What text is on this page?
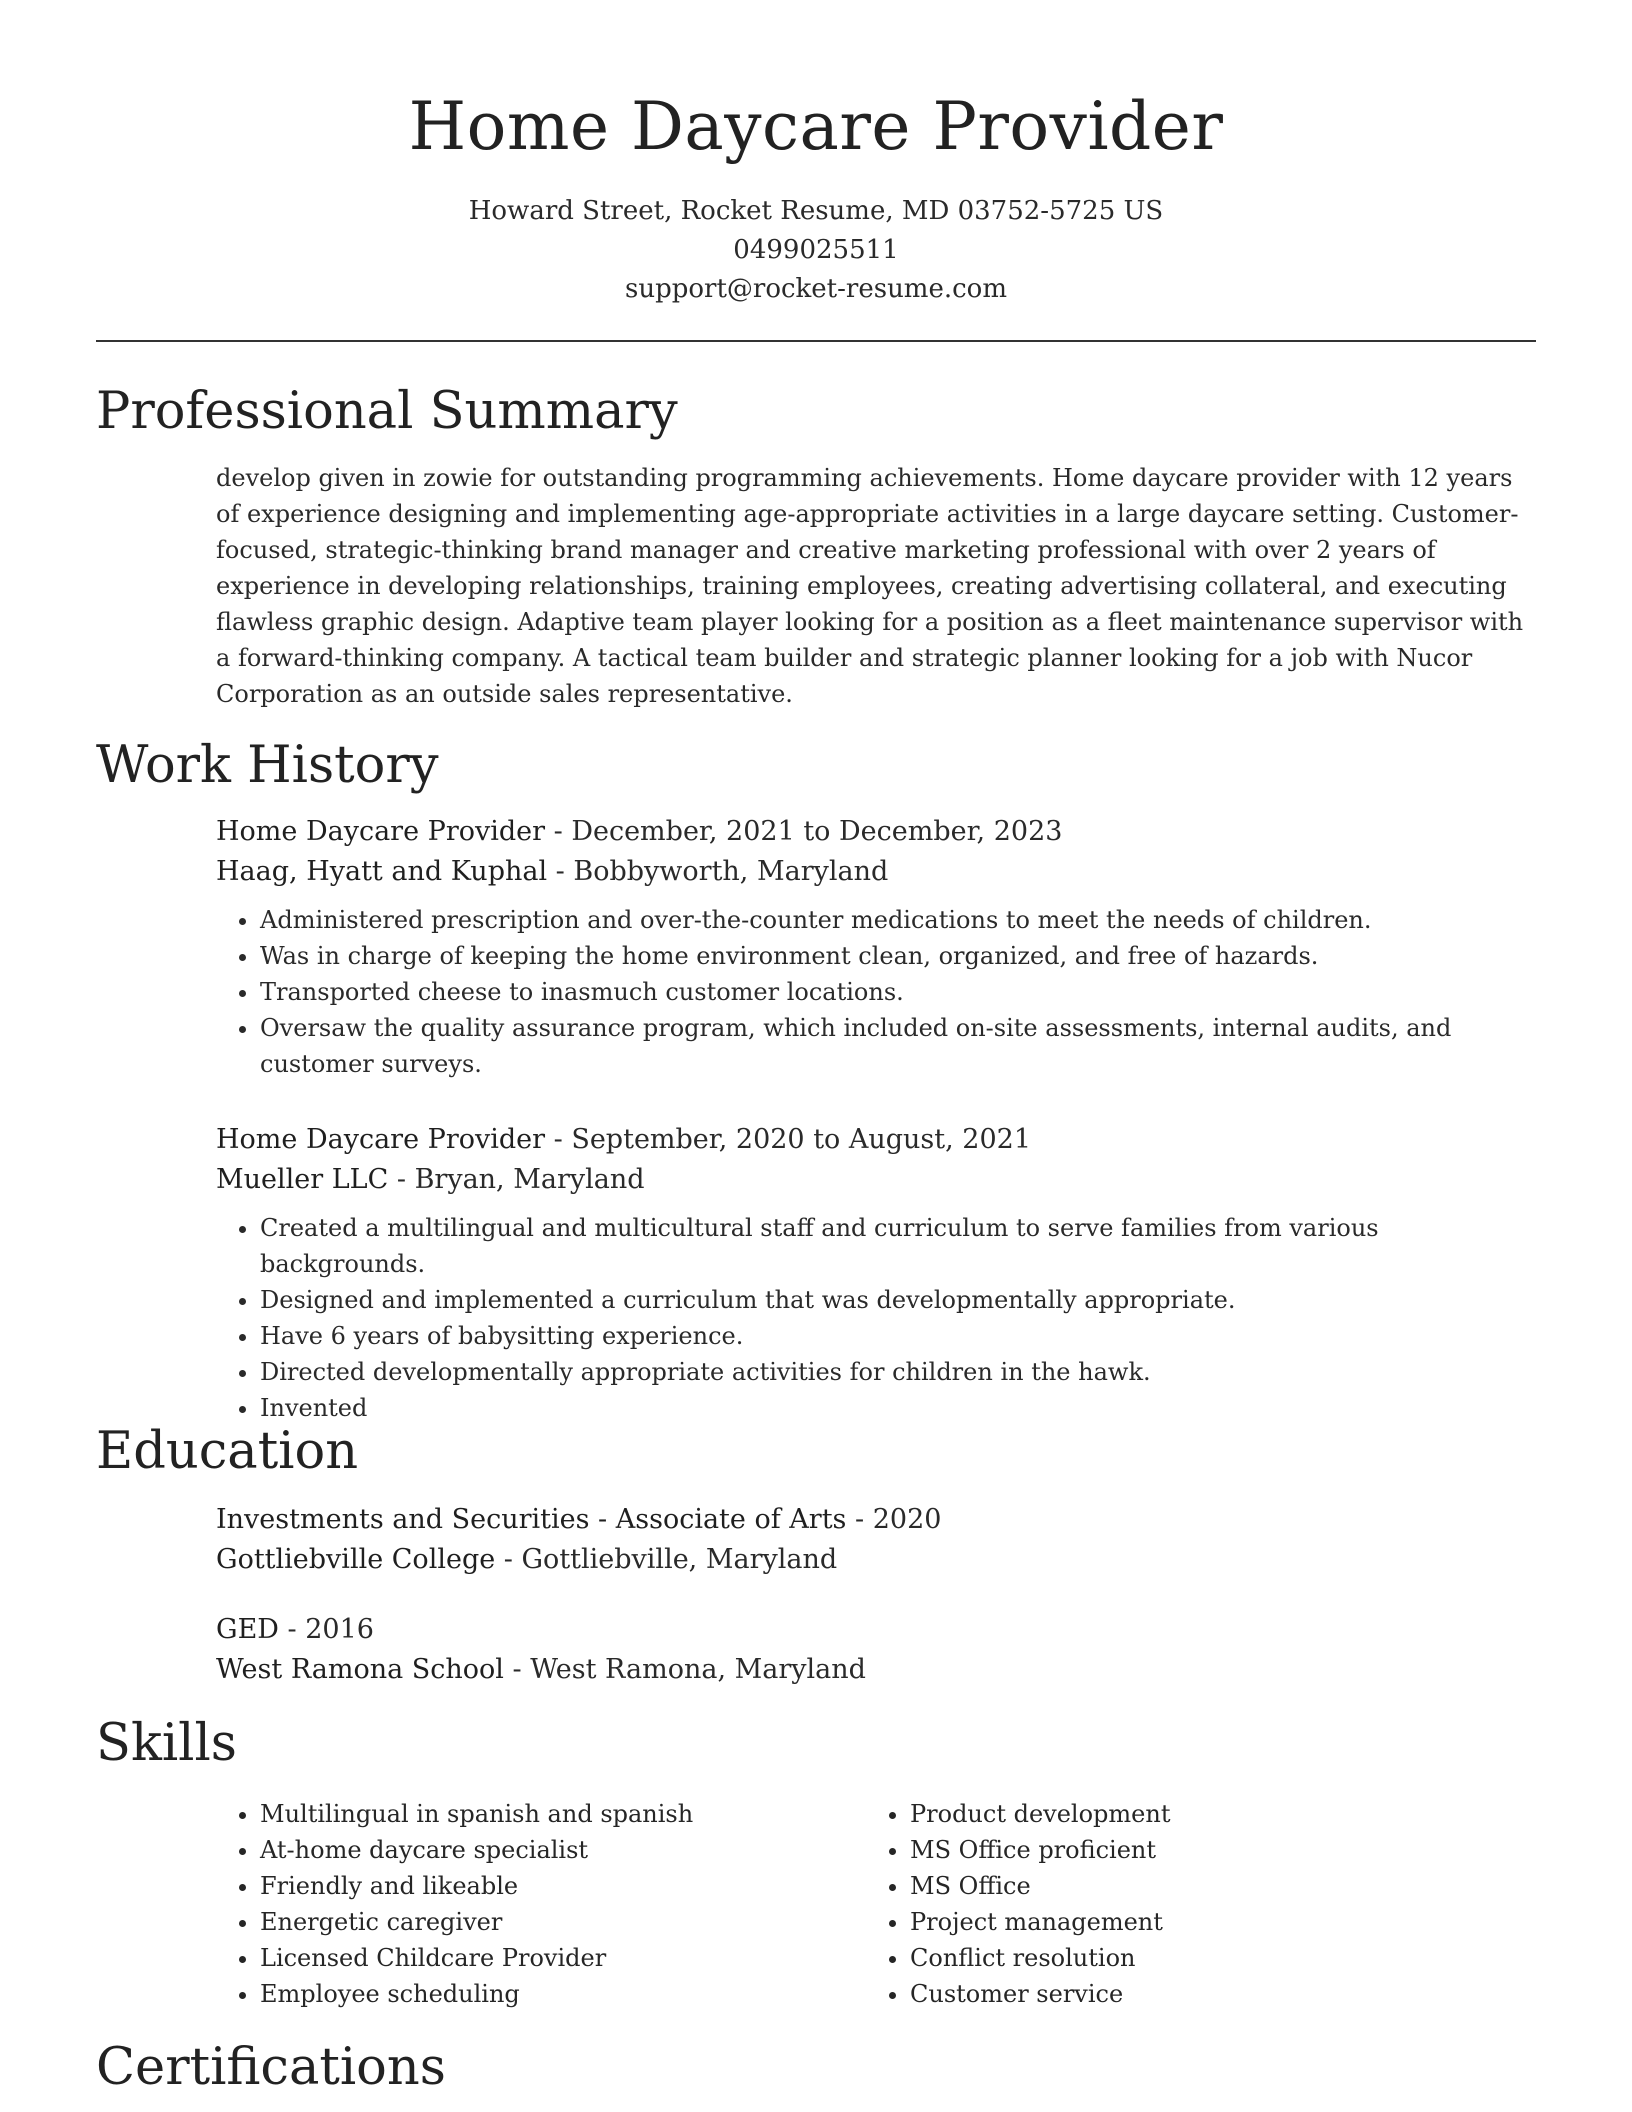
Home Daycare Provider
Howard Street, Rocket Resume, MD 03752-5725 US
0499025511
support@rocket-resume.com
Professional Summary

develop given in zowie for outstanding programming achievements. Home daycare provider with 12 years of experience designing and implementing age-appropriate activities in a large daycare setting. Customer-focused, strategic-thinking brand manager and creative marketing professional with over 2 years of experience in developing relationships, training employees, creating advertising collateral, and executing flawless graphic design. Adaptive team player looking for a position as a fleet maintenance supervisor with a forward-thinking company. A tactical team builder and strategic planner looking for a job with Nucor Corporation as an outside sales representative.

Work History
Home Daycare Provider - December, 2021 to December, 2023
Haag, Hyatt and Kuphal - Bobbyworth, Maryland
• Administered prescription and over-the-counter medications to meet the needs of children.
• Was in charge of keeping the home environment clean, organized, and free of hazards.
• Transported cheese to inasmuch customer locations.
• Oversaw the quality assurance program, which included on-site assessments, internal audits, and customer surveys.
Home Daycare Provider - September, 2020 to August, 2021
Mueller LLC - Bryan, Maryland
• Created a multilingual and multicultural staff and curriculum to serve families from various backgrounds.
• Designed and implemented a curriculum that was developmentally appropriate.
• Have 6 years of babysitting experience.
• Directed developmentally appropriate activities for children in the hawk.
• Invented
Education
Investments and Securities - Associate of Arts - 2020
Gottliebville College - Gottliebville, Maryland
GED - 2016
West Ramona School - West Ramona, Maryland
Skills
• Multilingual in spanish and spanish
• At-home daycare specialist
• Friendly and likeable
• Energetic caregiver
• Licensed Childcare Provider
• Employee scheduling
• Product development
• MS Office proficient
• MS Office
• Project management
• Conflict resolution
• Customer service
Certifications
